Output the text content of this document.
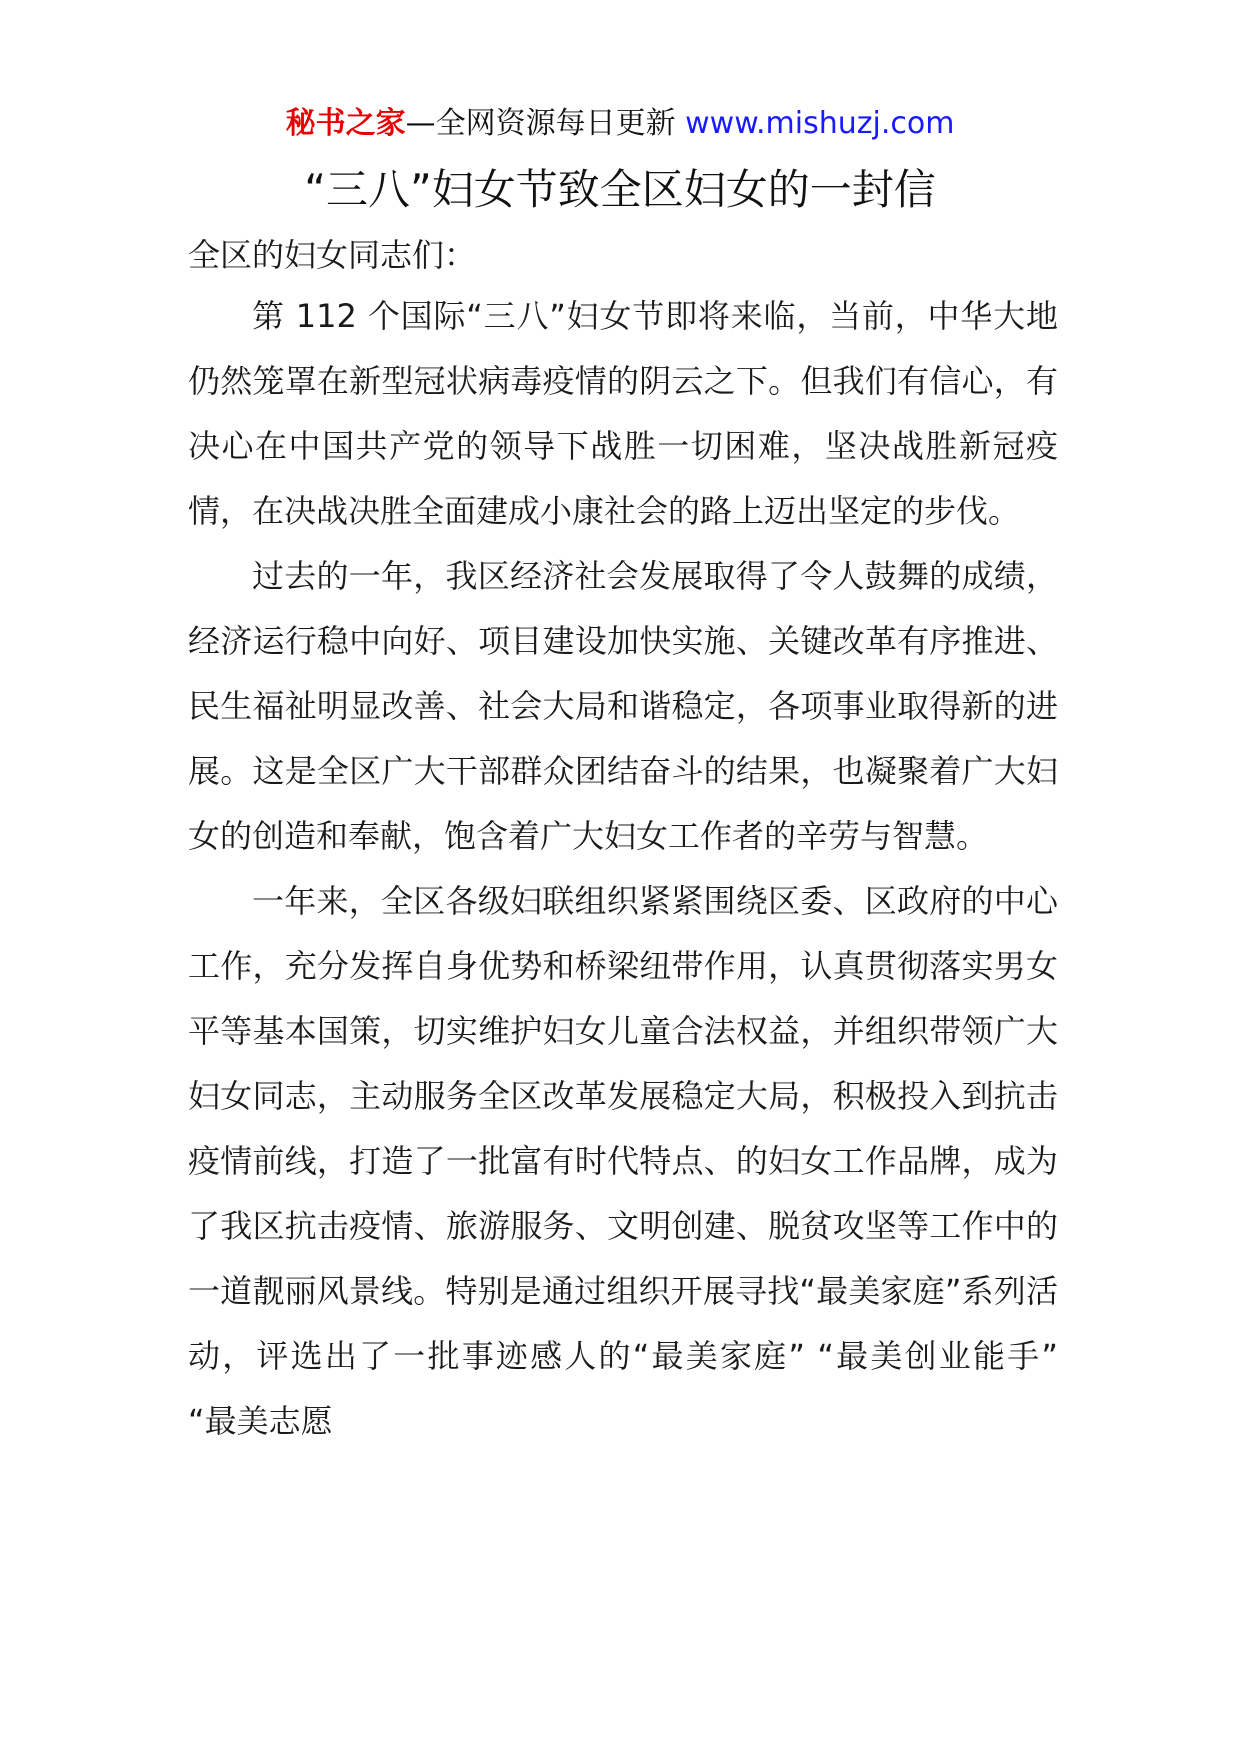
秘书之家—全网资源每日更新 www.mishuzj.com
“三八”妇女节致全区妇女的一封信

全区的妇女同志们：

第 112 个国际“三八”妇女节即将来临，当前，中华大地仍然笼罩在新型冠状病毒疫情的阴云之下。但我们有信心，有决心在中国共产党的领导下战胜一切困难，坚决战胜新冠疫情，在决战决胜全面建成小康社会的路上迈出坚定的步伐。

过去的一年，我区经济社会发展取得了令人鼓舞的成绩，经济运行稳中向好、项目建设加快实施、关键改革有序推进、民生福祉明显改善、社会大局和谐稳定，各项事业取得新的进展。这是全区广大干部群众团结奋斗的结果，也凝聚着广大妇女的创造和奉献，饱含着广大妇女工作者的辛劳与智慧。

一年来，全区各级妇联组织紧紧围绕区委、区政府的中心工作，充分发挥自身优势和桥梁纽带作用，认真贯彻落实男女平等基本国策，切实维护妇女儿童合法权益，并组织带领广大妇女同志，主动服务全区改革发展稳定大局，积极投入到抗击疫情前线，打造了一批富有时代特点、的妇女工作品牌，成为了我区抗击疫情、旅游服务、文明创建、脱贫攻坚等工作中的一道靓丽风景线。特别是通过组织开展寻找“最美家庭”系列活动，评选出了一批事迹感人的“最美家庭” “最美创业能手” “最美志愿
